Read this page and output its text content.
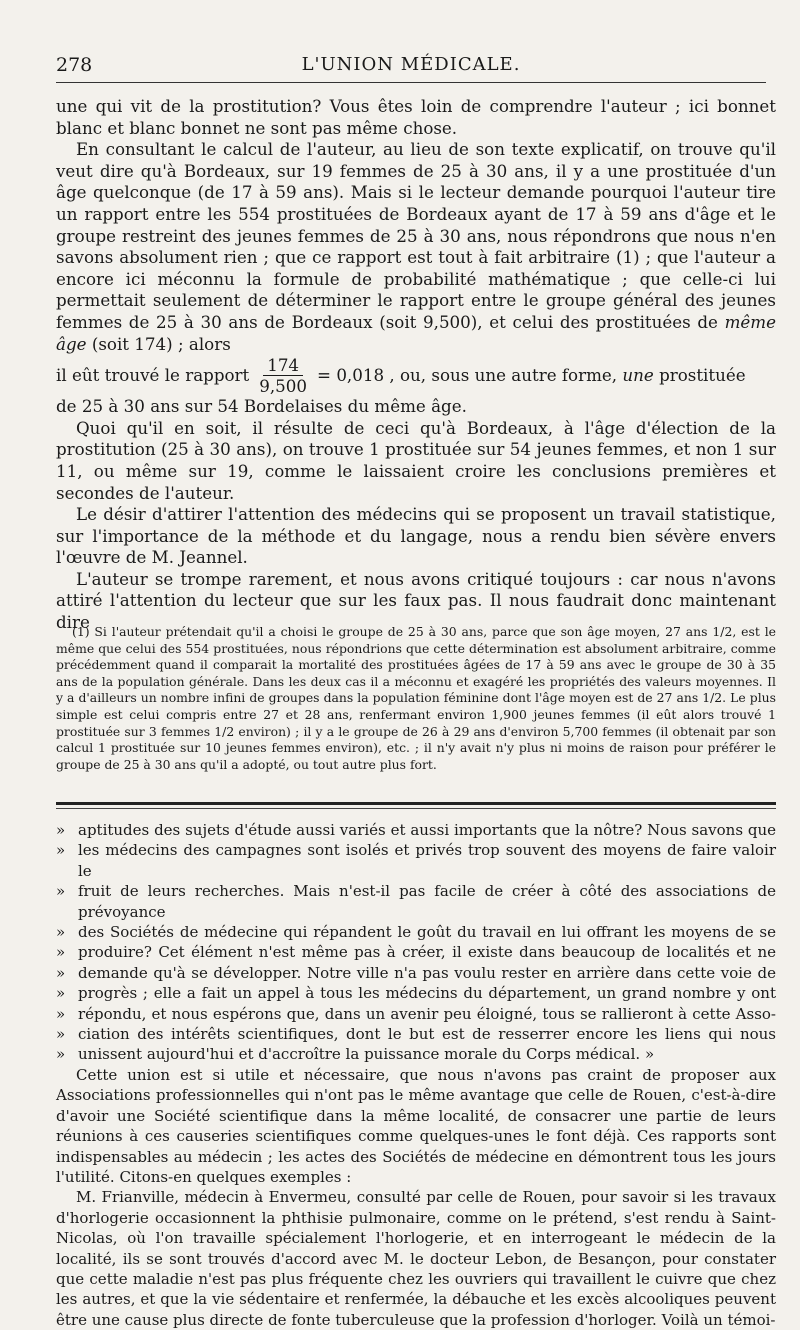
278	L'UNION MÉDICALE.

une qui vit de la prostitution? Vous êtes loin de comprendre l'auteur ; ici bonnet blanc et blanc bonnet ne sont pas même chose.

En consultant le calcul de l'auteur, au lieu de son texte explicatif, on trouve qu'il veut dire qu'à Bordeaux, sur 19 femmes de 25 à 30 ans, il y a une prostituée d'un âge quelconque (de 17 à 59 ans). Mais si le lecteur demande pourquoi l'auteur tire un rapport entre les 554 prostituées de Bordeaux ayant de 17 à 59 ans d'âge et le groupe restreint des jeunes femmes de 25 à 30 ans, nous répondrons que nous n'en savons absolument rien ; que ce rapport est tout à fait arbitraire (1) ; que l'auteur a encore ici méconnu la formule de probabilité mathématique ; que celle-ci lui permettait seulement de déterminer le rapport entre le groupe général des jeunes femmes de 25 à 30 ans de Bordeaux (soit 9,500), et celui des prostituées de même âge (soit 174) ; alors

il eût trouvé le rapport $\frac{174}{9,500} = 0,018$ , ou, sous une autre forme,
une
prostituée

de 25 à 30 ans sur 54 Bordelaises du même âge.

Quoi qu'il en soit, il résulte de ceci qu'à Bordeaux, à l'âge d'élection de la prostitution (25 à 30 ans), on trouve 1 prostituée sur 54 jeunes femmes, et non 1 sur 11, ou même sur 19, comme le laissaient croire les conclusions premières et secondes de l'auteur.

Le désir d'attirer l'attention des médecins qui se proposent un travail statistique, sur l'importance de la méthode et du langage, nous a rendu bien sévère envers l'œuvre de M. Jeannel.

L'auteur se trompe rarement, et nous avons critiqué toujours : car nous n'avons attiré l'attention du lecteur que sur les faux pas. Il nous faudrait donc maintenant dire

(1) Si l'auteur prétendait qu'il a choisi le groupe de 25 à 30 ans, parce que son âge moyen, 27 ans 1/2, est le même que celui des 554 prostituées, nous répondrions que cette détermination est absolument arbitraire, comme précédemment quand il comparait la mortalité des prostituées âgées de 17 à 59 ans avec le groupe de 30 à 35 ans de la population générale. Dans les deux cas il a méconnu et exagéré les propriétés des valeurs moyennes. Il y a d'ailleurs un nombre infini de groupes dans la population féminine dont l'âge moyen est de 27 ans 1/2. Le plus simple est celui compris entre 27 et 28 ans, renfermant environ 1,900 jeunes femmes (il eût alors trouvé 1 prostituée sur 3 femmes 1/2 environ) ; il y a le groupe de 26 à 29 ans d'environ 5,700 femmes (il obtenait par son calcul 1 prostituée sur 10 jeunes femmes environ), etc. ; il n'y avait n'y plus ni moins de raison pour préférer le groupe de 25 à 30 ans qu'il a adopté, ou tout autre plus fort.

» aptitudes des sujets d'étude aussi variés et aussi importants que la nôtre? Nous savons que
» les médecins des campagnes sont isolés et privés trop souvent des moyens de faire valoir le
» fruit de leurs recherches. Mais n'est-il pas facile de créer à côté des associations de prévoyance
» des Sociétés de médecine qui répandent le goût du travail en lui offrant les moyens de se
» produire? Cet élément n'est même pas à créer, il existe dans beaucoup de localités et ne
» demande qu'à se développer. Notre ville n'a pas voulu rester en arrière dans cette voie de
» progrès ; elle a fait un appel à tous les médecins du département, un grand nombre y ont
» répondu, et nous espérons que, dans un avenir peu éloigné, tous se rallieront à cette Asso-
» ciation des intérêts scientifiques, dont le but est de resserrer encore les liens qui nous
» unissent aujourd'hui et d'accroître la puissance morale du Corps médical. »

Cette union est si utile et nécessaire, que nous n'avons pas craint de proposer aux Associations professionnelles qui n'ont pas le même avantage que celle de Rouen, c'est-à-dire d'avoir une Société scientifique dans la même localité, de consacrer une partie de leurs réunions à ces causeries scientifiques comme quelques-unes le font déjà. Ces rapports sont indispensables au médecin ; les actes des Sociétés de médecine en démontrent tous les jours l'utilité. Citons-en quelques exemples :

M. Frianville, médecin à Envermeu, consulté par celle de Rouen, pour savoir si les travaux d'horlogerie occasionnent la phthisie pulmonaire, comme on le prétend, s'est rendu à Saint-Nicolas, où l'on travaille spécialement l'horlogerie, et en interrogeant le médecin de la localité, ils se sont trouvés d'accord avec M. le docteur Lebon, de Besançon, pour constater que cette maladie n'est pas plus fréquente chez les ouvriers qui travaillent le cuivre que chez les autres, et que la vie sédentaire et renfermée, la débauche et les excès alcooliques peuvent être une cause plus directe de fonte tuberculeuse que la profession d'horloger. Voilà un témoi-
